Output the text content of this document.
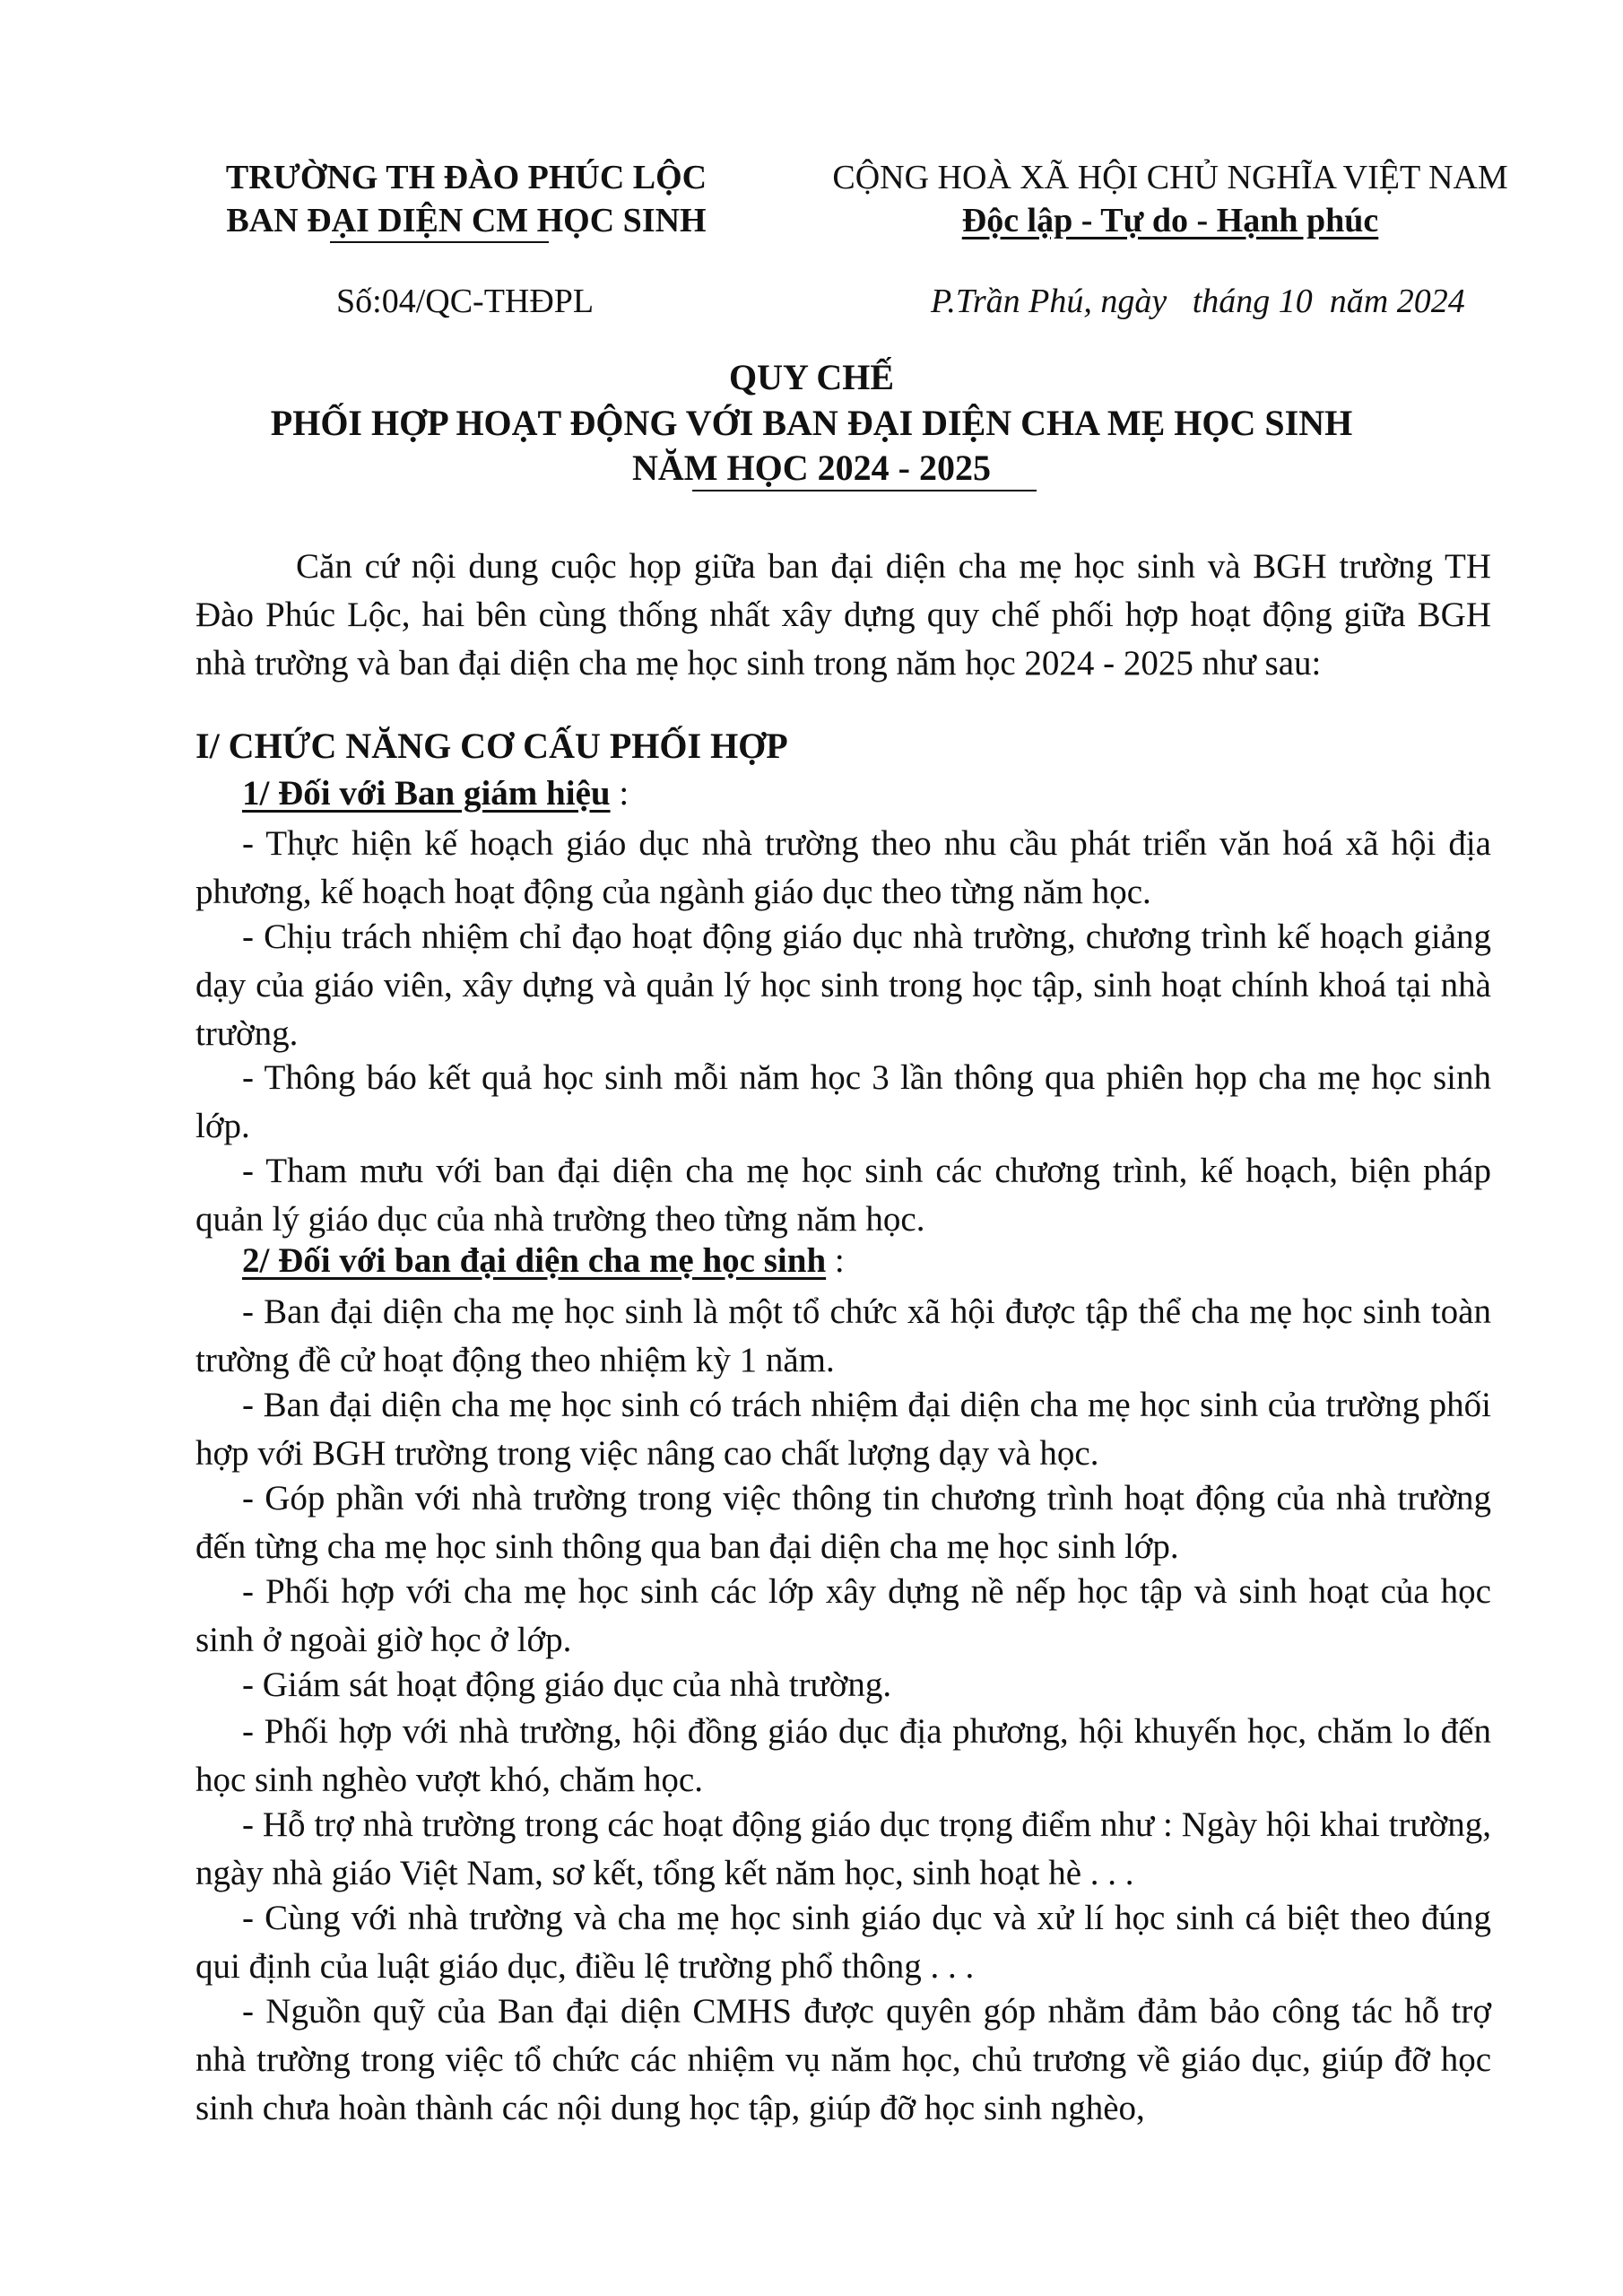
TRƯỜNG TH ĐÀO PHÚC LỘC
BAN ĐẠI DIỆN CM HỌC SINH
CỘNG HOÀ XÃ HỘI CHỦ NGHĨA VIỆT NAM
Độc lập - Tự do - Hạnh phúc
Số:04/QC-THĐPL	P.Trần Phú, ngày   tháng 10  năm 2024
QUY CHẾ
PHỐI HỢP HOẠT ĐỘNG VỚI BAN ĐẠI DIỆN CHA MẸ HỌC SINH
NĂM HỌC 2024 - 2025
Căn cứ nội dung cuộc họp giữa ban đại diện cha mẹ học sinh và BGH trường TH Đào Phúc Lộc, hai bên cùng thống nhất xây dựng quy chế phối hợp hoạt động giữa BGH nhà trường và ban đại diện cha mẹ học sinh trong năm học 2024 - 2025 như sau:
I/ CHỨC NĂNG CƠ CẤU PHỐI HỢP
1/ Đối với Ban giám hiệu :
- Thực hiện kế hoạch giáo dục nhà trường theo nhu cầu phát triển văn hoá xã hội địa phương, kế hoạch hoạt động của ngành giáo dục theo từng năm học.
- Chịu trách nhiệm chỉ đạo hoạt động giáo dục nhà trường, chương trình kế hoạch giảng dạy của giáo viên, xây dựng và quản lý học sinh trong học tập, sinh hoạt chính khoá tại nhà trường.
- Thông báo kết quả học sinh mỗi năm học 3 lần thông qua phiên họp cha mẹ học sinh lớp.
- Tham mưu với ban đại diện cha mẹ học sinh các chương trình, kế hoạch, biện pháp quản lý giáo dục của nhà trường theo từng năm học.
2/ Đối với ban đại diện cha mẹ học sinh :
- Ban đại diện cha mẹ học sinh là một tổ chức xã hội được tập thể cha mẹ học sinh toàn trường đề cử hoạt động theo nhiệm kỳ 1 năm.
- Ban đại diện cha mẹ học sinh có trách nhiệm đại diện cha mẹ học sinh của trường phối hợp với BGH trường trong việc nâng cao chất lượng dạy và học.
- Góp phần với nhà trường trong việc thông tin chương trình hoạt động của nhà trường đến từng cha mẹ học sinh thông qua ban đại diện cha mẹ học sinh lớp.
- Phối hợp với cha mẹ học sinh các lớp xây dựng nề nếp học tập và sinh hoạt của học sinh ở ngoài giờ học ở lớp.
- Giám sát hoạt động giáo dục của nhà trường.
- Phối hợp với nhà trường, hội đồng giáo dục địa phương, hội khuyến học, chăm lo đến học sinh nghèo vượt khó, chăm học.
- Hỗ trợ nhà trường trong các hoạt động giáo dục trọng điểm như : Ngày hội khai trường, ngày nhà giáo Việt Nam, sơ kết, tổng kết năm học, sinh hoạt hè . . .
- Cùng với nhà trường và cha mẹ học sinh giáo dục và xử lí học sinh cá biệt theo đúng qui định của luật giáo dục, điều lệ trường phổ thông . . .
- Nguồn quỹ của Ban đại diện CMHS được quyên góp nhằm đảm bảo công tác hỗ trợ nhà trường trong việc tổ chức các nhiệm vụ năm học, chủ trương về giáo dục, giúp đỡ học sinh chưa hoàn thành các nội dung học tập, giúp đỡ học sinh nghèo,
